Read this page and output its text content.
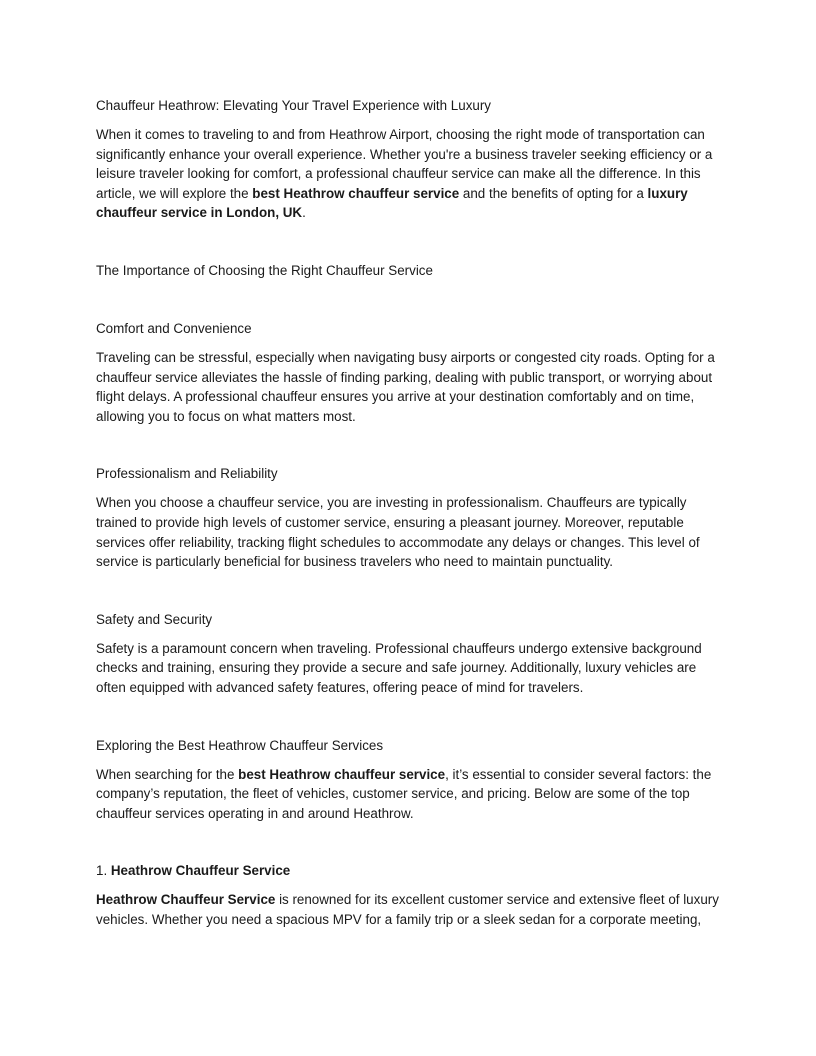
Chauffeur Heathrow: Elevating Your Travel Experience with Luxury

When it comes to traveling to and from Heathrow Airport, choosing the right mode of transportation can significantly enhance your overall experience. Whether you're a business traveler seeking efficiency or a leisure traveler looking for comfort, a professional chauffeur service can make all the difference. In this article, we will explore the best Heathrow chauffeur service and the benefits of opting for a luxury chauffeur service in London, UK.

The Importance of Choosing the Right Chauffeur Service

Comfort and Convenience

Traveling can be stressful, especially when navigating busy airports or congested city roads. Opting for a chauffeur service alleviates the hassle of finding parking, dealing with public transport, or worrying about flight delays. A professional chauffeur ensures you arrive at your destination comfortably and on time, allowing you to focus on what matters most.

Professionalism and Reliability

When you choose a chauffeur service, you are investing in professionalism. Chauffeurs are typically trained to provide high levels of customer service, ensuring a pleasant journey. Moreover, reputable services offer reliability, tracking flight schedules to accommodate any delays or changes. This level of service is particularly beneficial for business travelers who need to maintain punctuality.

Safety and Security

Safety is a paramount concern when traveling. Professional chauffeurs undergo extensive background checks and training, ensuring they provide a secure and safe journey. Additionally, luxury vehicles are often equipped with advanced safety features, offering peace of mind for travelers.

Exploring the Best Heathrow Chauffeur Services

When searching for the best Heathrow chauffeur service, it’s essential to consider several factors: the company’s reputation, the fleet of vehicles, customer service, and pricing. Below are some of the top chauffeur services operating in and around Heathrow.

1. Heathrow Chauffeur Service

Heathrow Chauffeur Service is renowned for its excellent customer service and extensive fleet of luxury vehicles. Whether you need a spacious MPV for a family trip or a sleek sedan for a corporate meeting,
